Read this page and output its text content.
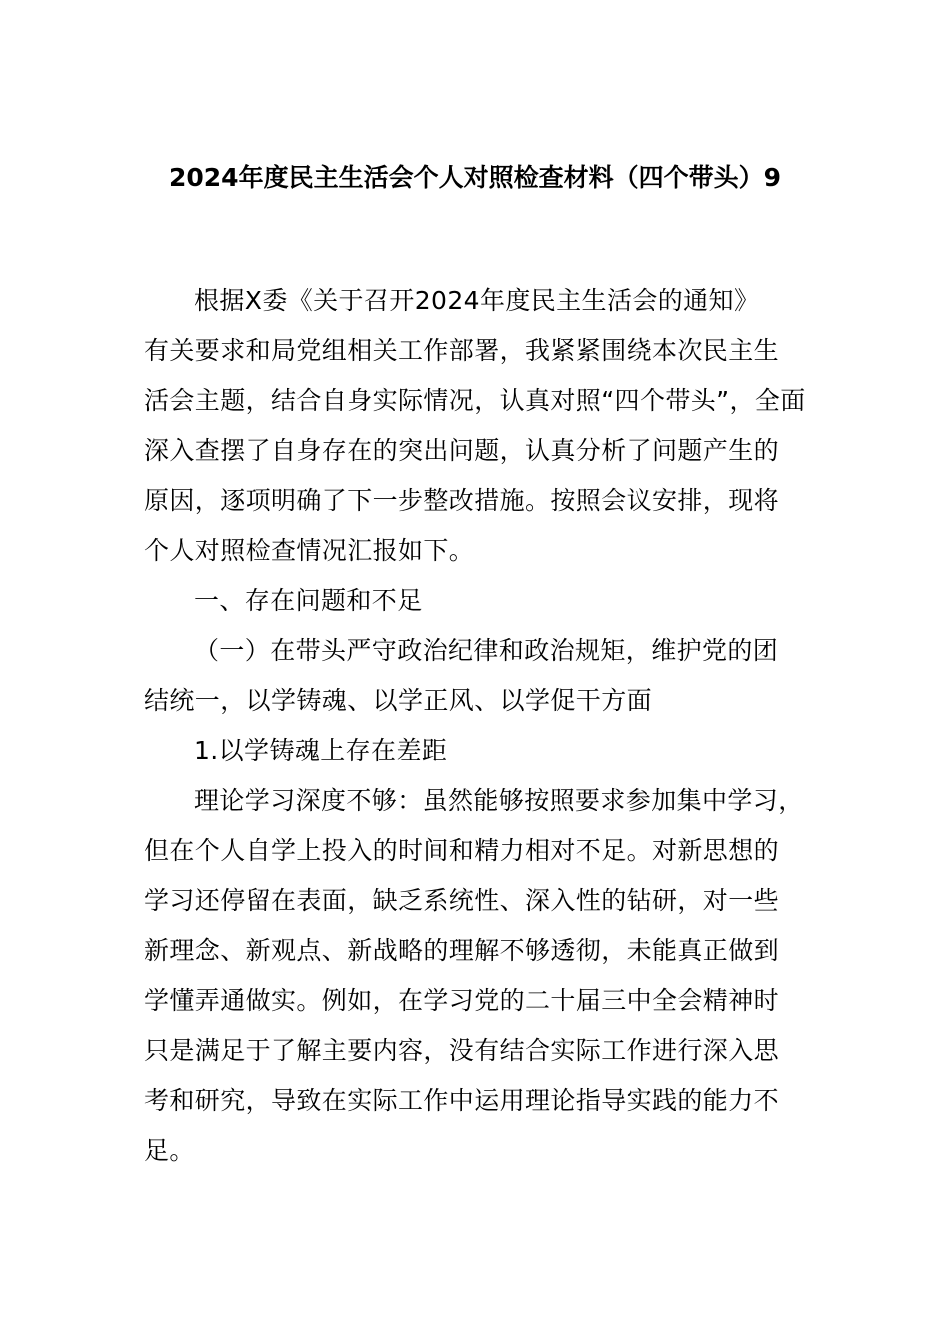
2024年度民主生活会个人对照检查材料（四个带头）9
根据X委《关于召开2024年度民主生活会的通知》
有关要求和局党组相关工作部署，我紧紧围绕本次民主生
活会主题，结合自身实际情况，认真对照“四个带头”，全面
深入查摆了自身存在的突出问题，认真分析了问题产生的
原因，逐项明确了下一步整改措施。按照会议安排，现将
个人对照检查情况汇报如下。
一、存在问题和不足
（一）在带头严守政治纪律和政治规矩，维护党的团
结统一，以学铸魂、以学正风、以学促干方面
1.以学铸魂上存在差距
理论学习深度不够：虽然能够按照要求参加集中学习，
但在个人自学上投入的时间和精力相对不足。对新思想的
学习还停留在表面，缺乏系统性、深入性的钻研，对一些
新理念、新观点、新战略的理解不够透彻，未能真正做到
学懂弄通做实。例如，在学习党的二十届三中全会精神时
只是满足于了解主要内容，没有结合实际工作进行深入思
考和研究，导致在实际工作中运用理论指导实践的能力不
足。
